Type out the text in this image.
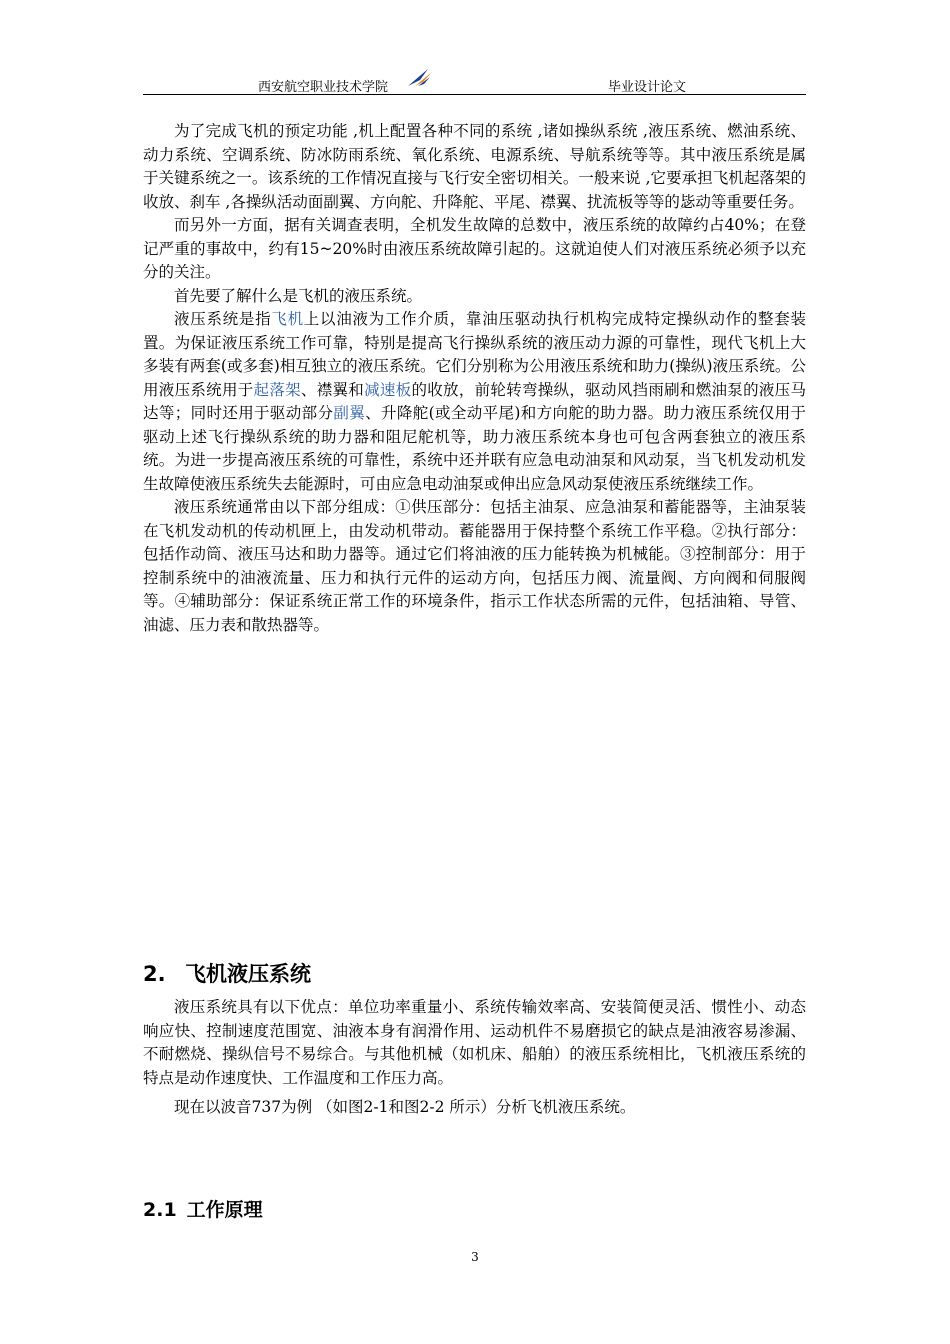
西安航空职业技术学院	毕业设计论文

为了完成飞机的预定功能 ,机上配置各种不同的系统 ,诸如操纵系统 ,液压系统、燃油系统、动力系统、空调系统、防冰防雨系统、氧化系统、电源系统、导航系统等等。其中液压系统是属于关键系统之一。该系统的工作情况直接与飞行安全密切相关。一般来说 ,它要承担飞机起落架的收放、刹车 ,各操纵活动面副翼、方向舵、升降舵、平尾、襟翼、扰流板等等的毖动等重要任务。

而另外一方面，据有关调查表明，全机发生故障的总数中，液压系统的故障约占40%；在登记严重的事故中，约有15~20%时由液压系统故障引起的。这就迫使人们对液压系统必须予以充分的关注。

首先要了解什么是飞机的液压系统。

液压系统是指飞机上以油液为工作介质，靠油压驱动执行机构完成特定操纵动作的整套装置。为保证液压系统工作可靠，特别是提高飞行操纵系统的液压动力源的可靠性，现代飞机上大多装有两套(或多套)相互独立的液压系统。它们分别称为公用液压系统和助力(操纵)液压系统。公用液压系统用于起落架、襟翼和减速板的收放，前轮转弯操纵，驱动风挡雨刷和燃油泵的液压马达等；同时还用于驱动部分副翼、升降舵(或全动平尾)和方向舵的助力器。助力液压系统仅用于驱动上述飞行操纵系统的助力器和阻尼舵机等，助力液压系统本身也可包含两套独立的液压系统。为进一步提高液压系统的可靠性，系统中还并联有应急电动油泵和风动泵，当飞机发动机发生故障使液压系统失去能源时，可由应急电动油泵或伸出应急风动泵使液压系统继续工作。

液压系统通常由以下部分组成：①供压部分：包括主油泵、应急油泵和蓄能器等，主油泵装在飞机发动机的传动机匣上，由发动机带动。蓄能器用于保持整个系统工作平稳。②执行部分：包括作动筒、液压马达和助力器等。通过它们将油液的压力能转换为机械能。③控制部分：用于控制系统中的油液流量、压力和执行元件的运动方向，包括压力阀、流量阀、方向阀和伺服阀等。④辅助部分：保证系统正常工作的环境条件，指示工作状态所需的元件，包括油箱、导管、油滤、压力表和散热器等。

2. 飞机液压系统

液压系统具有以下优点：单位功率重量小、系统传输效率高、安装简便灵活、惯性小、动态响应快、控制速度范围宽、油液本身有润滑作用、运动机件不易磨损它的缺点是油液容易渗漏、不耐燃烧、操纵信号不易综合。与其他机械（如机床、船舶）的液压系统相比，飞机液压系统的特点是动作速度快、工作温度和工作压力高。

现在以波音737为例 （如图2-1和图2-2 所示）分析飞机液压系统。

2.1 工作原理
3
